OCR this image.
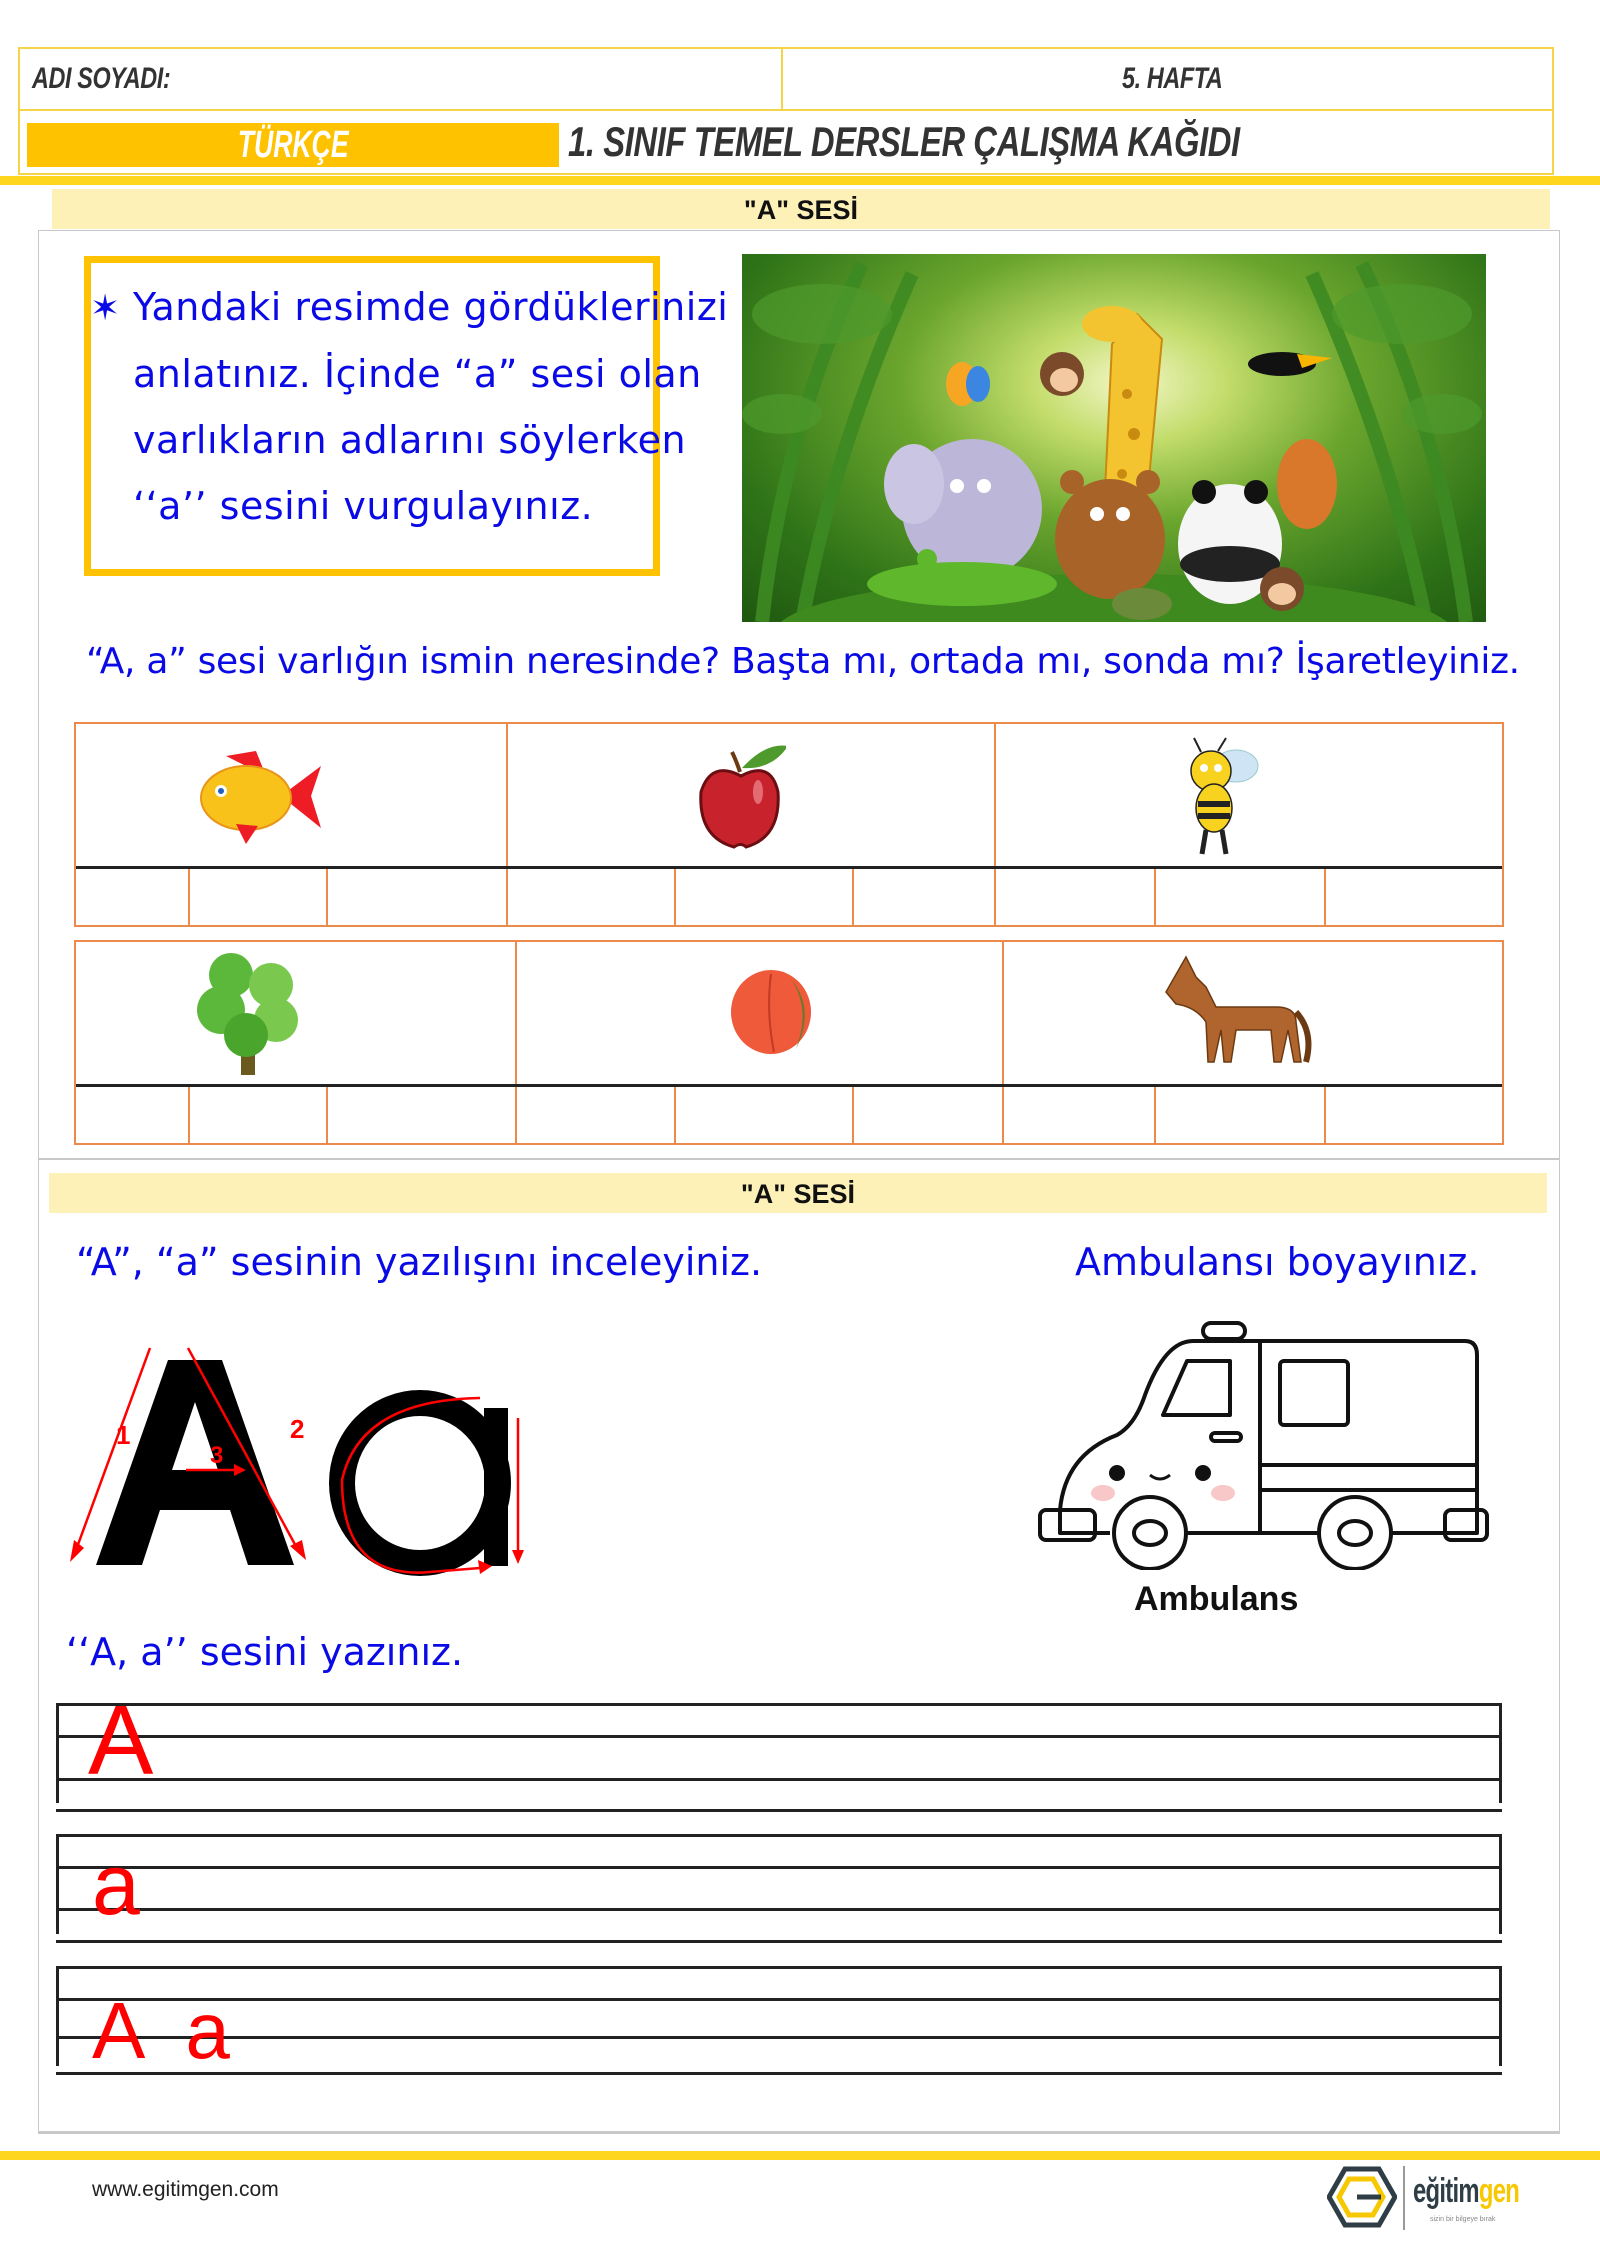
ADI SOYADI:	5. HAFTA
TÜRKÇE	1. SINIF TEMEL DERSLER ÇALIŞMA KAĞIDI
"A" SESİ
✶ Yandaki resimde gördüklerinizi
anlatınız. İçinde “a” sesi olan
varlıkların adlarını söylerken
‘‘a’’ sesini vurgulayınız.
“A, a” sesi varlığın ismin neresinde? Başta mı, ortada mı, sonda mı? İşaretleyiniz.
"A" SESİ
“A”, “a” sesinin yazılışını inceleyiniz.	Ambulansı boyayınız.
1	2
3
Ambulans
‘‘A, a’’ sesini yazınız.
A
a
A  a
www.egitimgen.com	eğitimgen
sizin bir bilgeye bırak
